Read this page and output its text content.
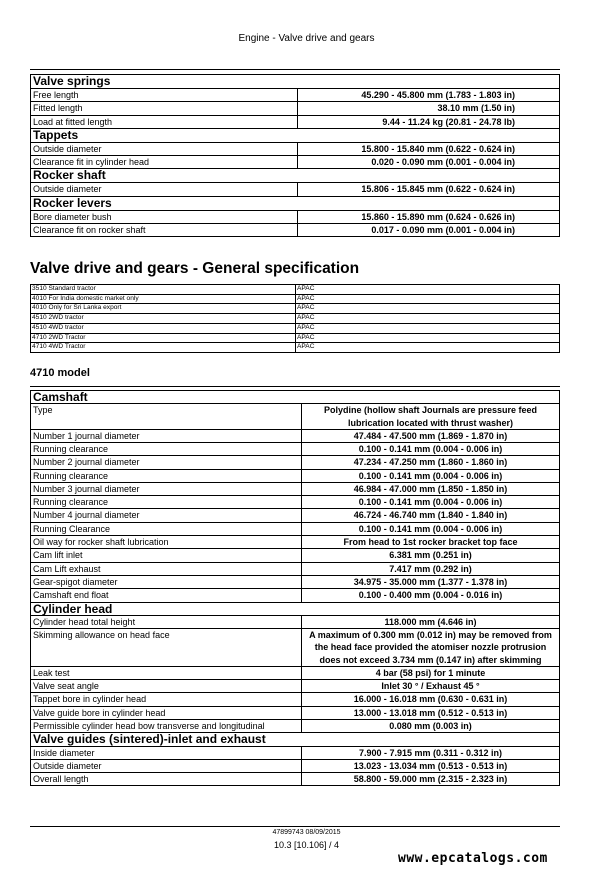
Engine - Valve drive and gears
Valve springs	
Free length	45.290 - 45.800 mm (1.783 - 1.803 in)
Fitted length	38.10 mm (1.50 in)
Load at fitted length	9.44 - 11.24 kg (20.81 - 24.78 lb)
Tappets	
Outside diameter	15.800 - 15.840 mm (0.622 - 0.624 in)
Clearance fit in cylinder head	0.020 - 0.090 mm (0.001 - 0.004 in)
Rocker shaft	
Outside diameter	15.806 - 15.845 mm (0.622 - 0.624 in)
Rocker levers	
Bore diameter bush	15.860 - 15.890 mm (0.624 - 0.626 in)
Clearance fit on rocker shaft	0.017 - 0.090 mm (0.001 - 0.004 in)
Valve drive and gears - General specification
3510 Standard tractor	APAC
4010 For India domestic market only	APAC
4010 Only for Sri Lanka export	APAC
4510 2WD tractor	APAC
4510 4WD tractor	APAC
4710 2WD Tractor	APAC
4710 4WD Tractor	APAC
4710 model
Camshaft	
Type	Polydine (hollow shaft Journals are pressure feed lubrication located with thrust washer)
Number 1 journal diameter	47.484 - 47.500 mm (1.869 - 1.870 in)
Running clearance	0.100 - 0.141 mm (0.004 - 0.006 in)
Number 2 journal diameter	47.234 - 47.250 mm (1.860 - 1.860 in)
Running clearance	0.100 - 0.141 mm (0.004 - 0.006 in)
Number 3 journal diameter	46.984 - 47.000 mm (1.850 - 1.850 in)
Running clearance	0.100 - 0.141 mm (0.004 - 0.006 in)
Number 4 journal diameter	46.724 - 46.740 mm (1.840 - 1.840 in)
Running Clearance	0.100 - 0.141 mm (0.004 - 0.006 in)
Oil way for rocker shaft lubrication	From head to 1st rocker bracket top face
Cam lift inlet	6.381 mm (0.251 in)
Cam Lift exhaust	7.417 mm (0.292 in)
Gear-spigot diameter	34.975 - 35.000 mm (1.377 - 1.378 in)
Camshaft end float	0.100 - 0.400 mm (0.004 - 0.016 in)
Cylinder head	
Cylinder head total height	118.000 mm (4.646 in)
Skimming allowance on head face	A maximum of 0.300 mm (0.012 in) may be removed from the head face provided the atomiser nozzle protrusion does not exceed 3.734 mm (0.147 in) after skimming
Leak test	4 bar (58 psi) for 1 minute
Valve seat angle	Inlet 30 ° / Exhaust 45 °
Tappet bore in cylinder head	16.000 - 16.018 mm (0.630 - 0.631 in)
Valve guide bore in cylinder head	13.000 - 13.018 mm (0.512 - 0.513 in)
Permissible cylinder head bow transverse and longitudinal	0.080 mm (0.003 in)
Valve guides (sintered)-inlet and exhaust	
Inside diameter	7.900 - 7.915 mm (0.311 - 0.312 in)
Outside diameter	13.023 - 13.034 mm (0.513 - 0.513 in)
Overall length	58.800 - 59.000 mm (2.315 - 2.323 in)
47899743 08/09/2015
10.3 [10.106] / 4
www.epcatalogs.com
